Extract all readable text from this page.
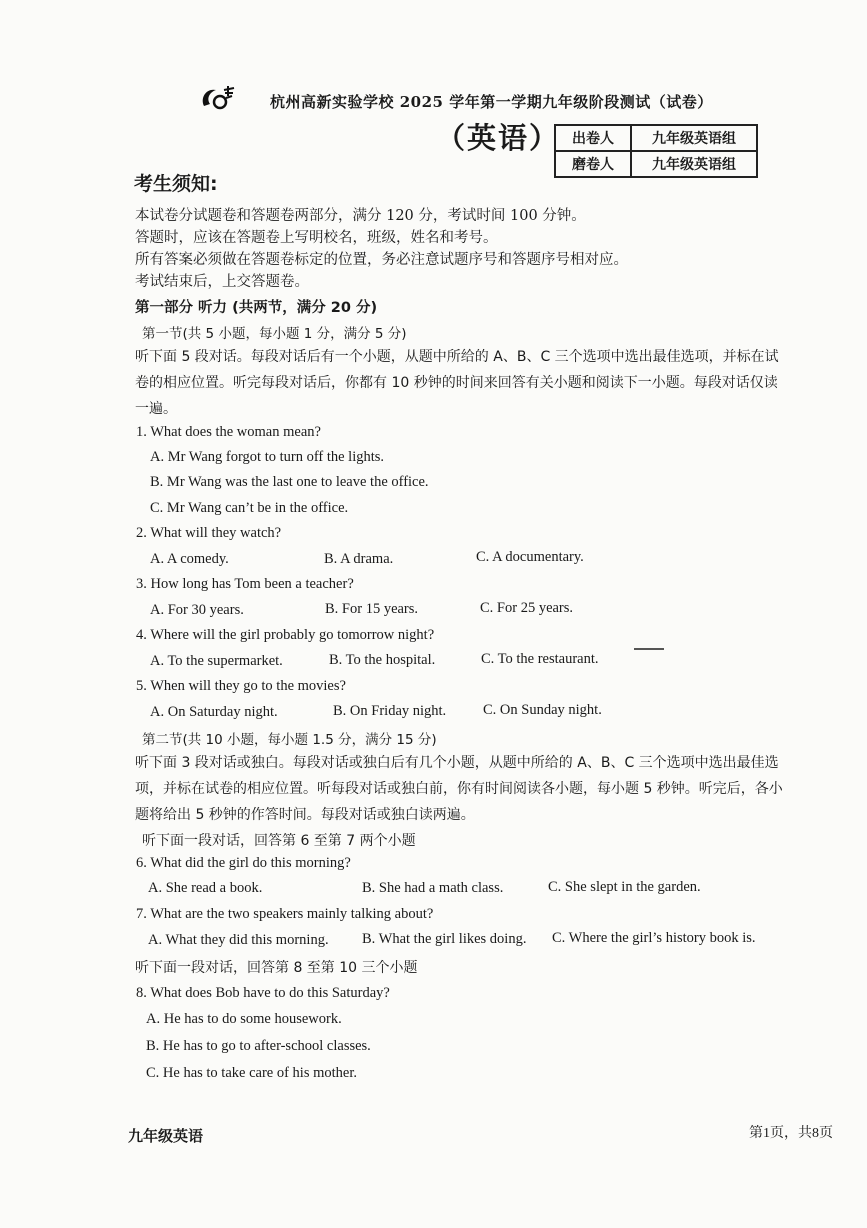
杭州高新实验学校 2025 学年第一学期九年级阶段测试（试卷）
（英语） 出卷人	九年级英语组
磨卷人	九年级英语组
考生须知:
本试卷分试题卷和答题卷两部分，满分 120 分，考试时间 100 分钟。
答题时，应该在答题卷上写明校名，班级，姓名和考号。
所有答案必须做在答题卷标定的位置，务必注意试题序号和答题序号相对应。
考试结束后，上交答题卷。
第一部分 听力 (共两节，满分 20 分)
第一节(共 5 小题，每小题 1 分，满分 5 分)
听下面 5 段对话。每段对话后有一个小题，从题中所给的 A、B、C 三个选项中选出最佳选项，并标在试
卷的相应位置。听完每段对话后，你都有 10 秒钟的时间来回答有关小题和阅读下一小题。每段对话仅读
一遍。
1. What does the woman mean?
A. Mr Wang forgot to turn off the lights.
B. Mr Wang was the last one to leave the office.
C. Mr Wang can’t be in the office.
2. What will they watch?
A. A comedy.	B. A drama.	C. A documentary.
3. How long has Tom been a teacher?
A. For 30 years.	B. For 15 years.	C. For 25 years.
4. Where will the girl probably go tomorrow night?
A. To the supermarket.	B. To the hospital.	C. To the restaurant.
5. When will they go to the movies?
A. On Saturday night.	B. On Friday night.	C. On Sunday night.
第二节(共 10 小题，每小题 1.5 分，满分 15 分)
听下面 3 段对话或独白。每段对话或独白后有几个小题，从题中所给的 A、B、C 三个选项中选出最佳选
项，并标在试卷的相应位置。听每段对话或独白前，你有时间阅读各小题，每小题 5 秒钟。听完后，各小
题将给出 5 秒钟的作答时间。每段对话或独白读两遍。
听下面一段对话，回答第 6 至第 7 两个小题
6. What did the girl do this morning?
A. She read a book.	B. She had a math class.	C. She slept in the garden.
7. What are the two speakers mainly talking about?
A. What they did this morning. B. What the girl likes doing. C. Where the girl’s history book is.
听下面一段对话，回答第 8 至第 10 三个小题
8. What does Bob have to do this Saturday?
A. He has to do some housework.
B. He has to go to after-school classes.
C. He has to take care of his mother.
九年级英语	第1页，共8页
